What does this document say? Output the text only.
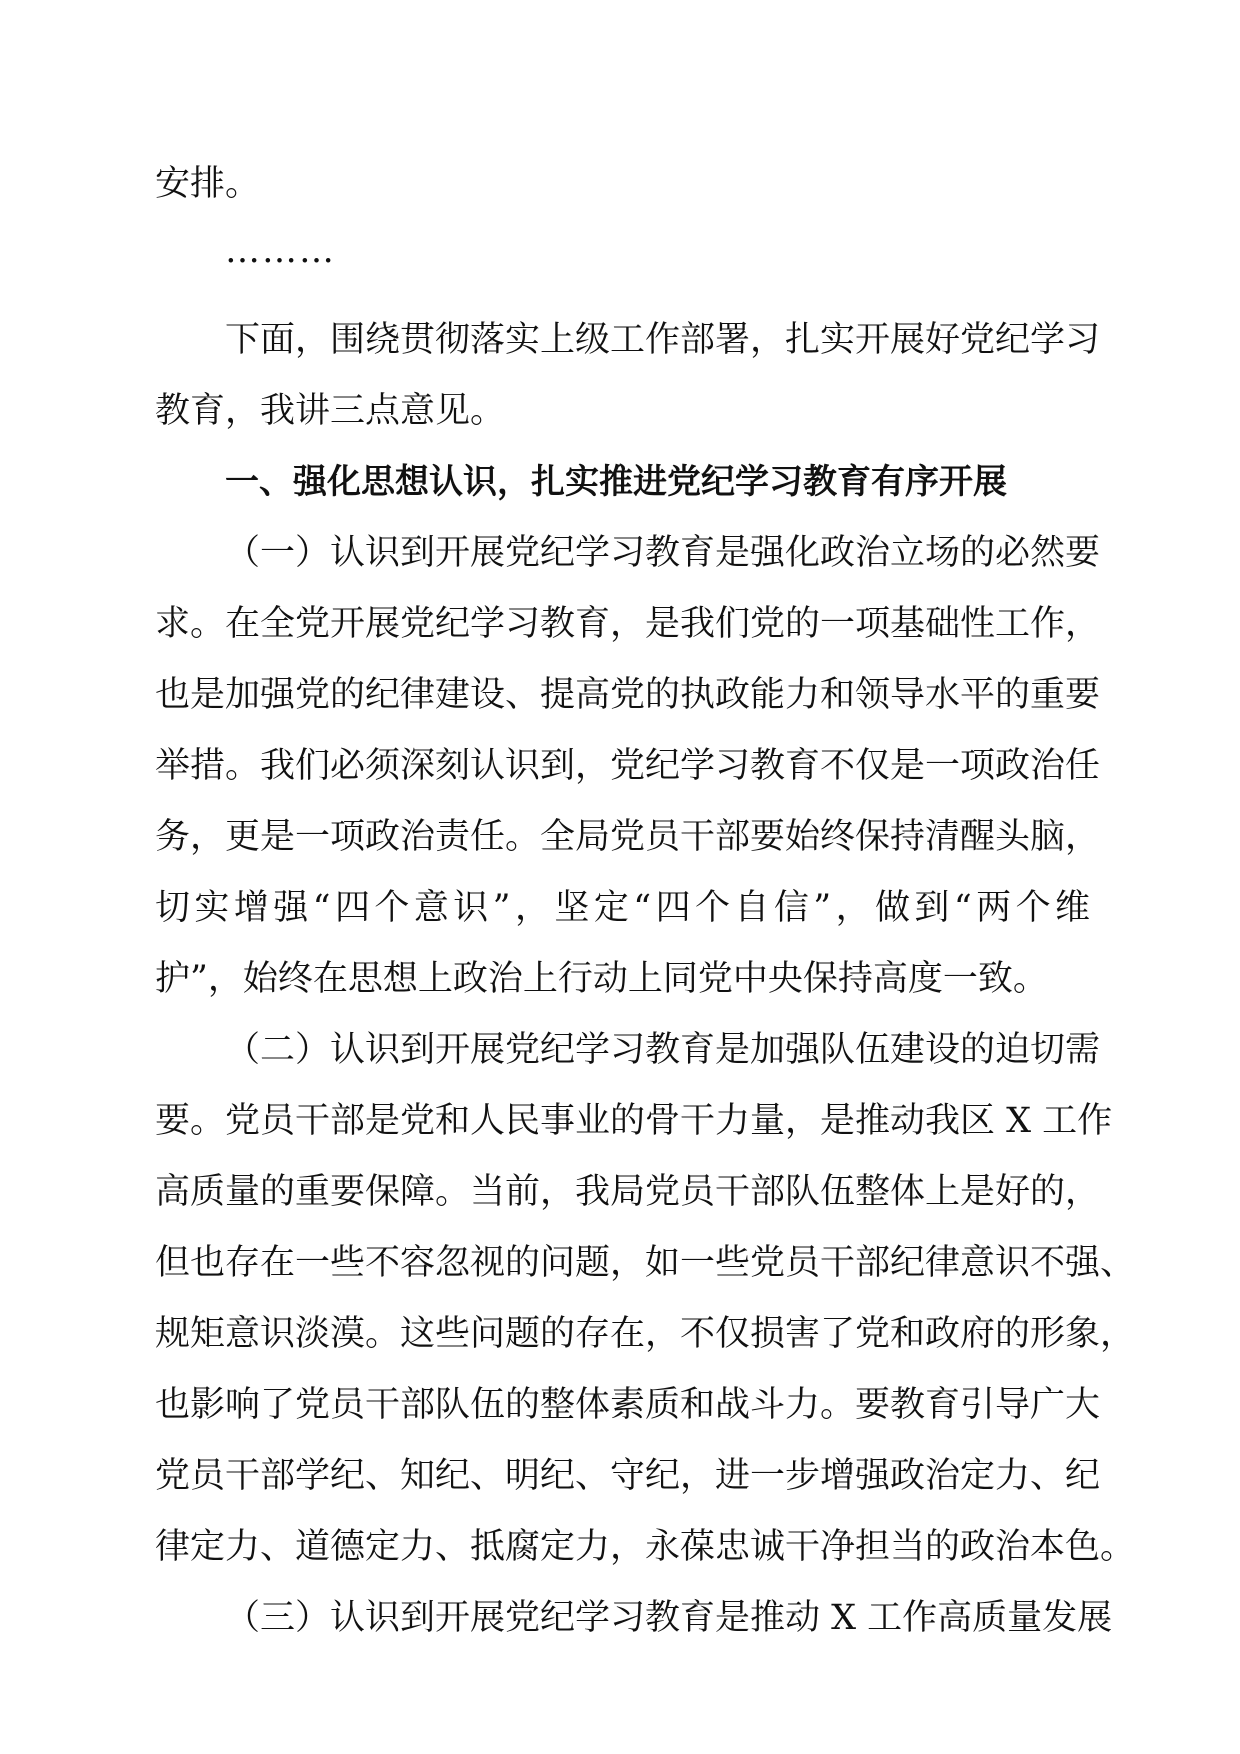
安排。

………

下面，围绕贯彻落实上级工作部署，扎实开展好党纪学习

教育，我讲三点意见。

一、强化思想认识，扎实推进党纪学习教育有序开展

（一）认识到开展党纪学习教育是强化政治立场的必然要

求。在全党开展党纪学习教育，是我们党的一项基础性工作，

也是加强党的纪律建设、提高党的执政能力和领导水平的重要

举措。我们必须深刻认识到，党纪学习教育不仅是一项政治任

务，更是一项政治责任。全局党员干部要始终保持清醒头脑，

切实增强“四个意识”，坚定“四个自信”，做到“两个维

护”，始终在思想上政治上行动上同党中央保持高度一致。

（二）认识到开展党纪学习教育是加强队伍建设的迫切需

要。党员干部是党和人民事业的骨干力量，是推动我区 X 工作

高质量的重要保障。当前，我局党员干部队伍整体上是好的，

但也存在一些不容忽视的问题，如一些党员干部纪律意识不强、

规矩意识淡漠。这些问题的存在，不仅损害了党和政府的形象，

也影响了党员干部队伍的整体素质和战斗力。要教育引导广大

党员干部学纪、知纪、明纪、守纪，进一步增强政治定力、纪

律定力、道德定力、抵腐定力，永葆忠诚干净担当的政治本色。

（三）认识到开展党纪学习教育是推动 X 工作高质量发展
